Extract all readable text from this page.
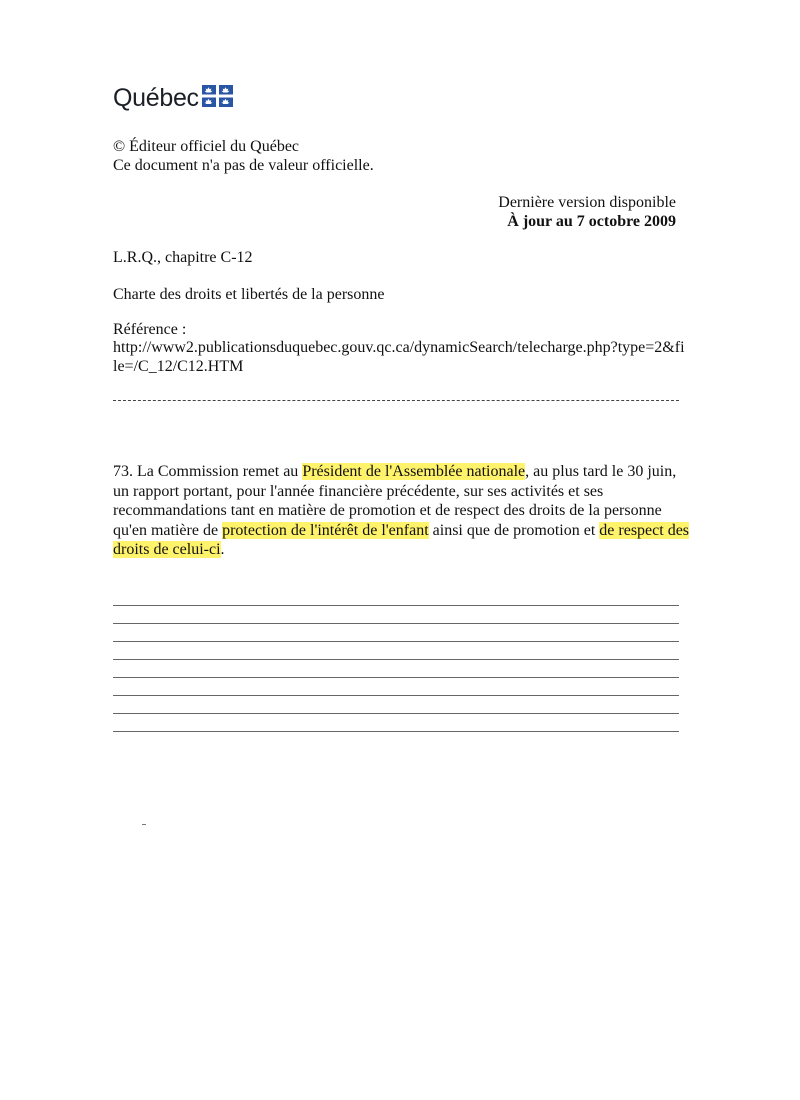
Québec
© Éditeur officiel du Québec
Ce document n'a pas de valeur officielle.
Dernière version disponible
À jour au 7 octobre 2009
L.R.Q., chapitre C-12
Charte des droits et libertés de la personne
Référence :
http://www2.publicationsduquebec.gouv.qc.ca/dynamicSearch/telecharge.php?type=2&fi
le=/C_12/C12.HTM
73. La Commission remet au Président de l'Assemblée nationale, au plus tard le 30 juin,
un rapport portant, pour l'année financière précédente, sur ses activités et ses
recommandations tant en matière de promotion et de respect des droits de la personne
qu'en matière de protection de l'intérêt de l'enfant ainsi que de promotion et de respect des
droits de celui-ci.
